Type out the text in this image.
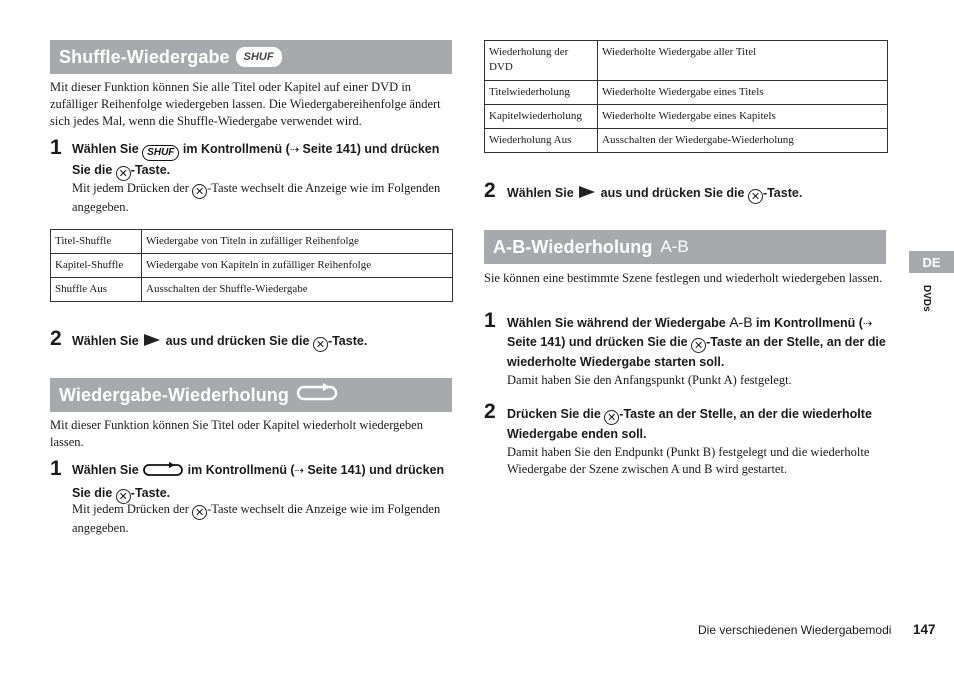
Shuffle-Wiedergabe	SHUF
Mit dieser Funktion können Sie alle Titel oder Kapitel auf einer DVD in zufälliger Reihenfolge wiedergeben lassen. Die Wiedergabereihenfolge ändert sich jedes Mal, wenn die Shuffle-Wiedergabe verwendet wird.
1 Wählen Sie SHUF im Kontrollmenü (⇢ Seite 141) und drücken Sie die ✕ -Taste.
Mit jedem Drücken der ✕ -Taste wechselt die Anzeige wie im Folgenden angegeben.
Titel-Shuffle	Wiedergabe von Titeln in zufälliger Reihenfolge
Kapitel-Shuffle	Wiedergabe von Kapiteln in zufälliger Reihenfolge
Shuffle Aus	Ausschalten der Shuffle-Wiedergabe
2 Wählen Sie aus und drücken Sie die ✕ -Taste.
Wiedergabe-Wiederholung
Mit dieser Funktion können Sie Titel oder Kapitel wiederholt wiedergeben lassen.
1 Wählen Sie	im Kontrollmenü (⇢ Seite 141) und drücken Sie die ✕ -Taste.
Mit jedem Drücken der ✕ -Taste wechselt die Anzeige wie im Folgenden angegeben.
Wiederholung der DVD	Wiederholte Wiedergabe aller Titel
Titelwiederholung	Wiederholte Wiedergabe eines Titels
Kapitelwiederholung	Wiederholte Wiedergabe eines Kapitels
Wiederholung Aus	Ausschalten der Wiedergabe-Wiederholung
2 Wählen Sie aus und drücken Sie die ✕ -Taste.
A-B-Wiederholung A-B
Sie können eine bestimmte Szene festlegen und wiederholt wiedergeben lassen.
1 Wählen Sie während der Wiedergabe A-B im Kontrollmenü (⇢ Seite 141) und drücken Sie die ✕ -Taste an der Stelle, an der die wiederholte Wiedergabe starten soll.
Damit haben Sie den Anfangspunkt (Punkt A) festgelegt.
2 Drücken Sie die ✕ -Taste an der Stelle, an der die wiederholte Wiedergabe enden soll.
Damit haben Sie den Endpunkt (Punkt B) festgelegt und die wiederholte Wiedergabe der Szene zwischen A und B wird gestartet.
DE
DVDs
Die verschiedenen Wiedergabemodi 147
